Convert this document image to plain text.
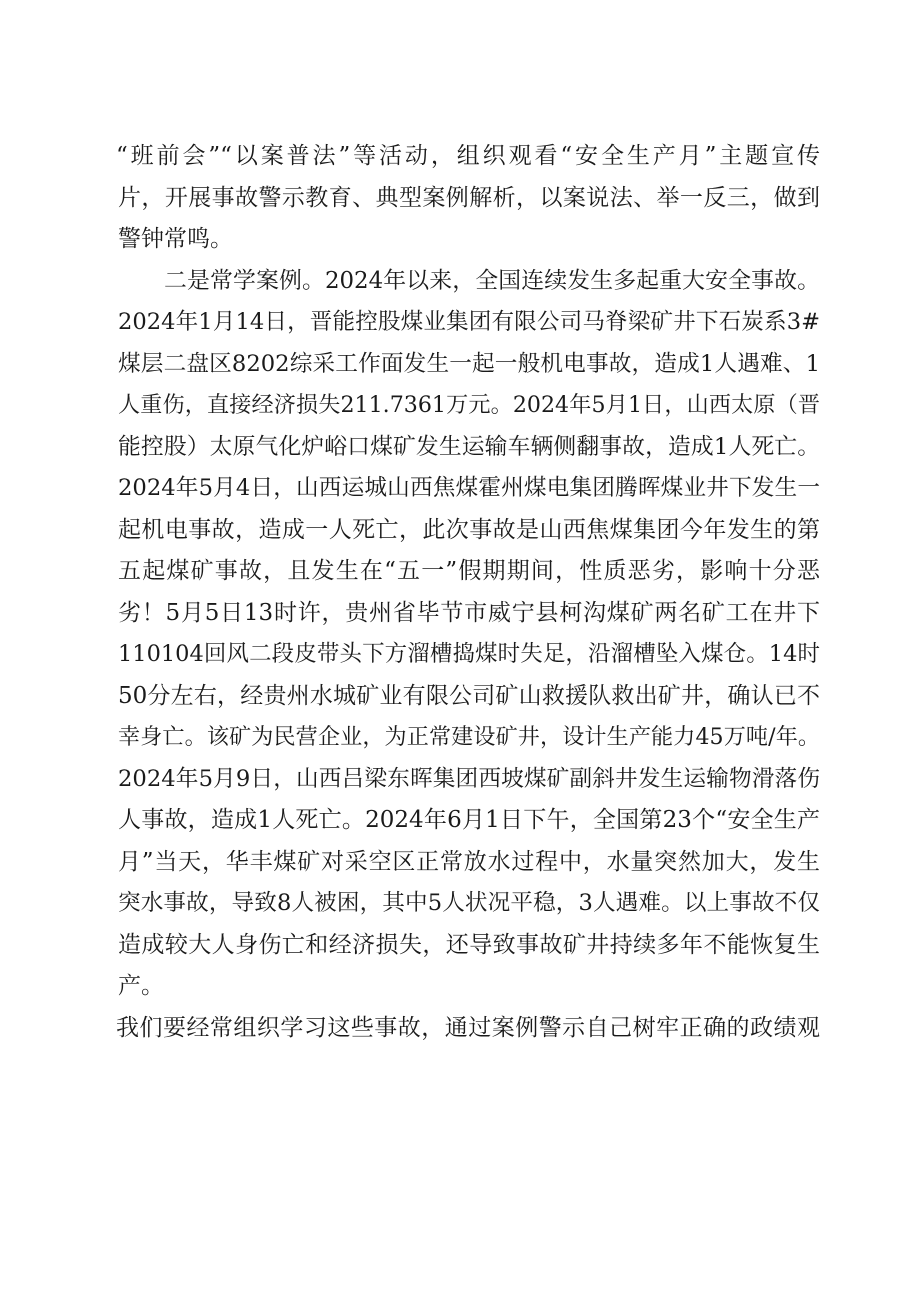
“班前会”“以案普法”等活动，组织观看“安全生产月”主题宣传
片，开展事故警示教育、典型案例解析，以案说法、举一反三，做到
警钟常鸣。
二是常学案例。2024年以来，全国连续发生多起重大安全事故。
2024年1月14日，晋能控股煤业集团有限公司马脊梁矿井下石炭系3#
煤层二盘区8202综采工作面发生一起一般机电事故，造成1人遇难、1
人重伤，直接经济损失211.7361万元。2024年5月1日，山西太原（晋
能控股）太原气化炉峪口煤矿发生运输车辆侧翻事故，造成1人死亡。
2024年5月4日，山西运城山西焦煤霍州煤电集团腾晖煤业井下发生一
起机电事故，造成一人死亡，此次事故是山西焦煤集团今年发生的第
五起煤矿事故，且发生在“五一”假期期间，性质恶劣，影响十分恶
劣！5月5日13时许，贵州省毕节市威宁县柯沟煤矿两名矿工在井下
110104回风二段皮带头下方溜槽捣煤时失足，沿溜槽坠入煤仓。14时
50分左右，经贵州水城矿业有限公司矿山救援队救出矿井，确认已不
幸身亡。该矿为民营企业，为正常建设矿井，设计生产能力45万吨/年。
2024年5月9日，山西吕梁东晖集团西坡煤矿副斜井发生运输物滑落伤
人事故，造成1人死亡。2024年6月1日下午，全国第23个“安全生产
月”当天，华丰煤矿对采空区正常放水过程中，水量突然加大，发生
突水事故，导致8人被困，其中5人状况平稳，3人遇难。以上事故不仅
造成较大人身伤亡和经济损失，还导致事故矿井持续多年不能恢复生
产。
我们要经常组织学习这些事故，通过案例警示自己树牢正确的政绩观
